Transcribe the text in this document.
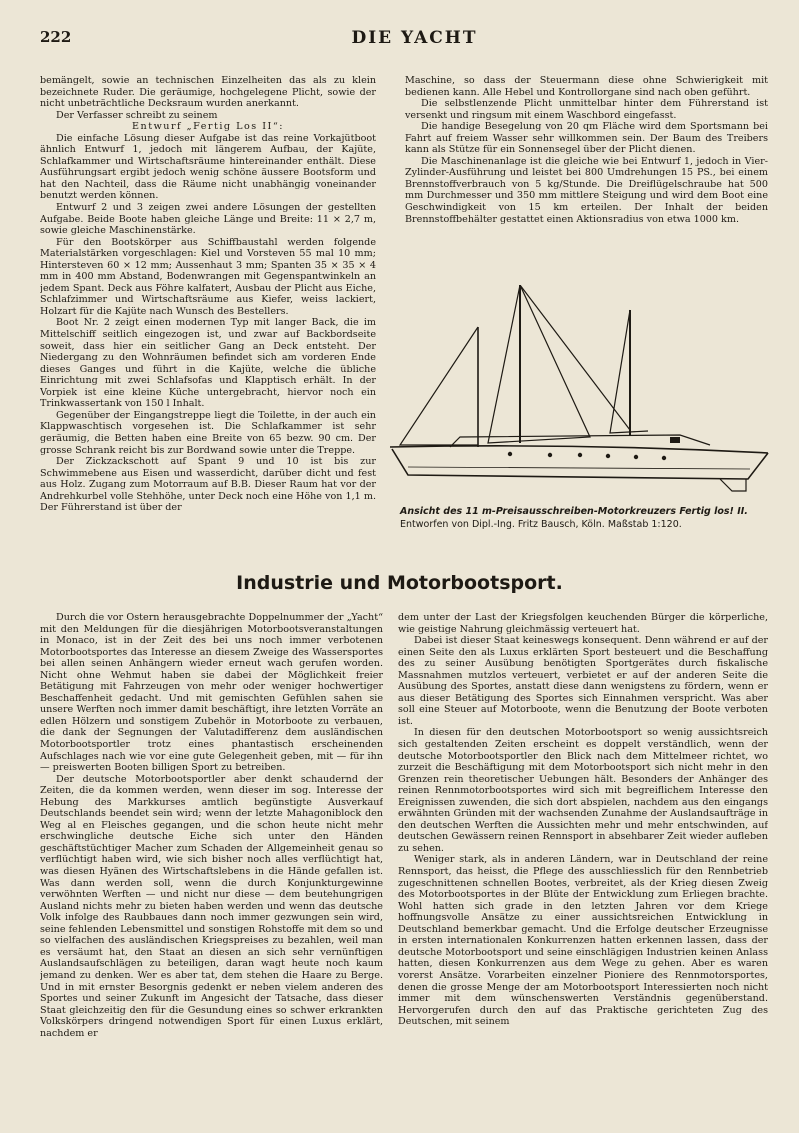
222	DIE YACHT

bemängelt, sowie an technischen Einzelheiten das als zu klein bezeichnete Ruder. Die geräumige, hochgelegene Plicht, sowie der nicht unbeträchtliche Decksraum wurden anerkannt.

Der Verfasser schreibt zu seinem

Entwurf „Fertig Los II“:

Die einfache Lösung dieser Aufgabe ist das reine Vorkajütboot ähnlich Entwurf 1, jedoch mit längerem Aufbau, der Kajüte, Schlafkammer und Wirtschaftsräume hintereinander enthält. Diese Ausführungsart ergibt jedoch wenig schöne äussere Bootsform und hat den Nachteil, dass die Räume nicht unabhängig voneinander benutzt werden können.

Entwurf 2 und 3 zeigen zwei andere Lösungen der gestellten Aufgabe. Beide Boote haben gleiche Länge und Breite: 11 × 2,7 m, sowie gleiche Maschinenstärke.

Für den Bootskörper aus Schiffbaustahl werden folgende Materialstärken vorgeschlagen: Kiel und Vorsteven 55 mal 10 mm; Hintersteven 60 × 12 mm; Aussenhaut 3 mm; Spanten 35 × 35 × 4 mm in 400 mm Abstand, Bodenwrangen mit Gegenspantwinkeln an jedem Spant. Deck aus Föhre kalfatert, Ausbau der Plicht aus Eiche, Schlafzimmer und Wirtschaftsräume aus Kiefer, weiss lackiert, Holzart für die Kajüte nach Wunsch des Bestellers.

Boot Nr. 2 zeigt einen modernen Typ mit langer Back, die im Mittelschiff seitlich eingezogen ist, und zwar auf Backbordseite soweit, dass hier ein seitlicher Gang an Deck entsteht. Der Niedergang zu den Wohnräumen befindet sich am vorderen Ende dieses Ganges und führt in die Kajüte, welche die übliche Einrichtung mit zwei Schlafsofas und Klapptisch erhält. In der Vorpiek ist eine kleine Küche untergebracht, hiervor noch ein Trinkwassertank von 150 l Inhalt.

Gegenüber der Eingangstreppe liegt die Toilette, in der auch ein Klappwaschtisch vorgesehen ist. Die Schlafkammer ist sehr geräumig, die Betten haben eine Breite von 65 bezw. 90 cm. Der grosse Schrank reicht bis zur Bordwand sowie unter die Treppe.

Der Zickzackschott auf Spant 9 und 10 ist bis zur Schwimmebene aus Eisen und wasserdicht, darüber dicht und fest aus Holz. Zugang zum Motorraum auf B.B. Dieser Raum hat vor der Andrehkurbel volle Stehhöhe, unter Deck noch eine Höhe von 1,1 m. Der Führerstand ist über der

Maschine, so dass der Steuermann diese ohne Schwierigkeit mit bedienen kann. Alle Hebel und Kontrollorgane sind nach oben geführt.

Die selbstlenzende Plicht unmittelbar hinter dem Führerstand ist versenkt und ringsum mit einem Waschbord eingefasst.

Die handige Besegelung von 20 qm Fläche wird dem Sportsmann bei Fahrt auf freiem Wasser sehr willkommen sein. Der Baum des Treibers kann als Stütze für ein Sonnensegel über der Plicht dienen.

Die Maschinenanlage ist die gleiche wie bei Entwurf 1, jedoch in Vier-Zylinder-Ausführung und leistet bei 800 Umdrehungen 15 PS., bei einem Brennstoffverbrauch von 5 kg/Stunde. Die Dreiflügelschraube hat 500 mm Durchmesser und 350 mm mittlere Steigung und wird dem Boot eine Geschwindigkeit von 15 km erteilen. Der Inhalt der beiden Brennstoffbehälter gestattet einen Aktionsradius von etwa 1000 km.

Ansicht des 11 m-Preisausschreiben-Motorkreuzers Fertig los! II.
Entworfen von Dipl.-Ing. Fritz Bausch, Köln. Maßstab 1:120.
Industrie und Motorbootsport.

Durch die vor Ostern herausgebrachte Doppelnummer der „Yacht“ mit den Meldungen für die diesjährigen Motorbootsveranstaltungen in Monaco, ist in der Zeit des bei uns noch immer verbotenen Motorbootsportes das Interesse an diesem Zweige des Wassersportes bei allen seinen Anhängern wieder erneut wach gerufen worden. Nicht ohne Wehmut haben sie dabei der Möglichkeit freier Betätigung mit Fahrzeugen von mehr oder weniger hochwertiger Beschaffenheit gedacht. Und mit gemischten Gefühlen sahen sie unsere Werften noch immer damit beschäftigt, ihre letzten Vorräte an edlen Hölzern und sonstigem Zubehör in Motorboote zu verbauen, die dank der Segnungen der Valutadifferenz dem ausländischen Motorbootsportler trotz eines phantastisch erscheinenden Aufschlages nach wie vor eine gute Gelegenheit geben, mit — für ihn — preiswerten Booten billigen Sport zu betreiben.

Der deutsche Motorbootsportler aber denkt schaudernd der Zeiten, die da kommen werden, wenn dieser im sog. Interesse der Hebung des Markkurses amtlich begünstigte Ausverkauf Deutschlands beendet sein wird; wenn der letzte Mahagoniblock den Weg al en Fleisches gegangen, und die schon heute nicht mehr erschwingliche deutsche Eiche sich unter den Händen geschäftstüchtiger Macher zum Schaden der Allgemeinheit genau so verflüchtigt haben wird, wie sich bisher noch alles verflüchtigt hat, was diesen Hyänen des Wirtschaftslebens in die Hände gefallen ist. Was dann werden soll, wenn die durch Konjunkturgewinne verwöhnten Werften — und nicht nur diese — dem beutehungrigen Ausland nichts mehr zu bieten haben werden und wenn das deutsche Volk infolge des Raubbaues dann noch immer gezwungen sein wird, seine fehlenden Lebensmittel und sonstigen Rohstoffe mit dem so und so vielfachen des ausländischen Kriegspreises zu bezahlen, weil man es versäumt hat, den Staat an diesen an sich sehr vernünftigen Auslandsaufschlägen zu beteiligen, daran wagt heute noch kaum jemand zu denken. Wer es aber tat, dem stehen die Haare zu Berge. Und in mit ernster Besorgnis gedenkt er neben vielem anderen des Sportes und seiner Zukunft im Angesicht der Tatsache, dass dieser Staat gleichzeitig den für die Gesundung eines so schwer erkrankten Volkskörpers dringend notwendigen Sport für einen Luxus erklärt, nachdem er

dem unter der Last der Kriegsfolgen keuchenden Bürger die körperliche, wie geistige Nahrung gleichmässig verteuert hat.

Dabei ist dieser Staat keineswegs konsequent. Denn während er auf der einen Seite den als Luxus erklärten Sport besteuert und die Beschaffung des zu seiner Ausübung benötigten Sportgerätes durch fiskalische Massnahmen mutzlos verteuert, verbietet er auf der anderen Seite die Ausübung des Sportes, anstatt diese dann wenigstens zu fördern, wenn er aus dieser Betätigung des Sportes sich Einnahmen verspricht. Was aber soll eine Steuer auf Motorboote, wenn die Benutzung der Boote verboten ist.

In diesen für den deutschen Motorbootsport so wenig aussichtsreich sich gestaltenden Zeiten erscheint es doppelt verständlich, wenn der deutsche Motorbootsportler den Blick nach dem Mittelmeer richtet, wo zurzeit die Beschäftigung mit dem Motorbootsport sich nicht mehr in den Grenzen rein theoretischer Uebungen hält. Besonders der Anhänger des reinen Rennmotorbootsportes wird sich mit begreiflichem Interesse den Ereignissen zuwenden, die sich dort abspielen, nachdem aus den eingangs erwähnten Gründen mit der wachsenden Zunahme der Auslandsaufträge in den deutschen Werften die Aussichten mehr und mehr entschwinden, auf deutschen Gewässern reinen Rennsport in absehbarer Zeit wieder aufleben zu sehen.

Weniger stark, als in anderen Ländern, war in Deutschland der reine Rennsport, das heisst, die Pflege des ausschliesslich für den Rennbetrieb zugeschnittenen schnellen Bootes, verbreitet, als der Krieg diesen Zweig des Motorbootsportes in der Blüte der Entwicklung zum Erliegen brachte. Wohl hatten sich grade in den letzten Jahren vor dem Kriege hoffnungsvolle Ansätze zu einer aussichtsreichen Entwicklung in Deutschland bemerkbar gemacht. Und die Erfolge deutscher Erzeugnisse in ersten internationalen Konkurrenzen hatten erkennen lassen, dass der deutsche Motorbootsport und seine einschlägigen Industrien keinen Anlass hatten, diesen Konkurrenzen aus dem Wege zu gehen. Aber es waren vorerst Ansätze. Vorarbeiten einzelner Pioniere des Rennmotorsportes, denen die grosse Menge der am Motorbootsport Interessierten noch nicht immer mit dem wünschenswerten Verständnis gegenüberstand. Hervorgerufen durch den auf das Praktische gerichteten Zug des Deutschen, mit seinem
